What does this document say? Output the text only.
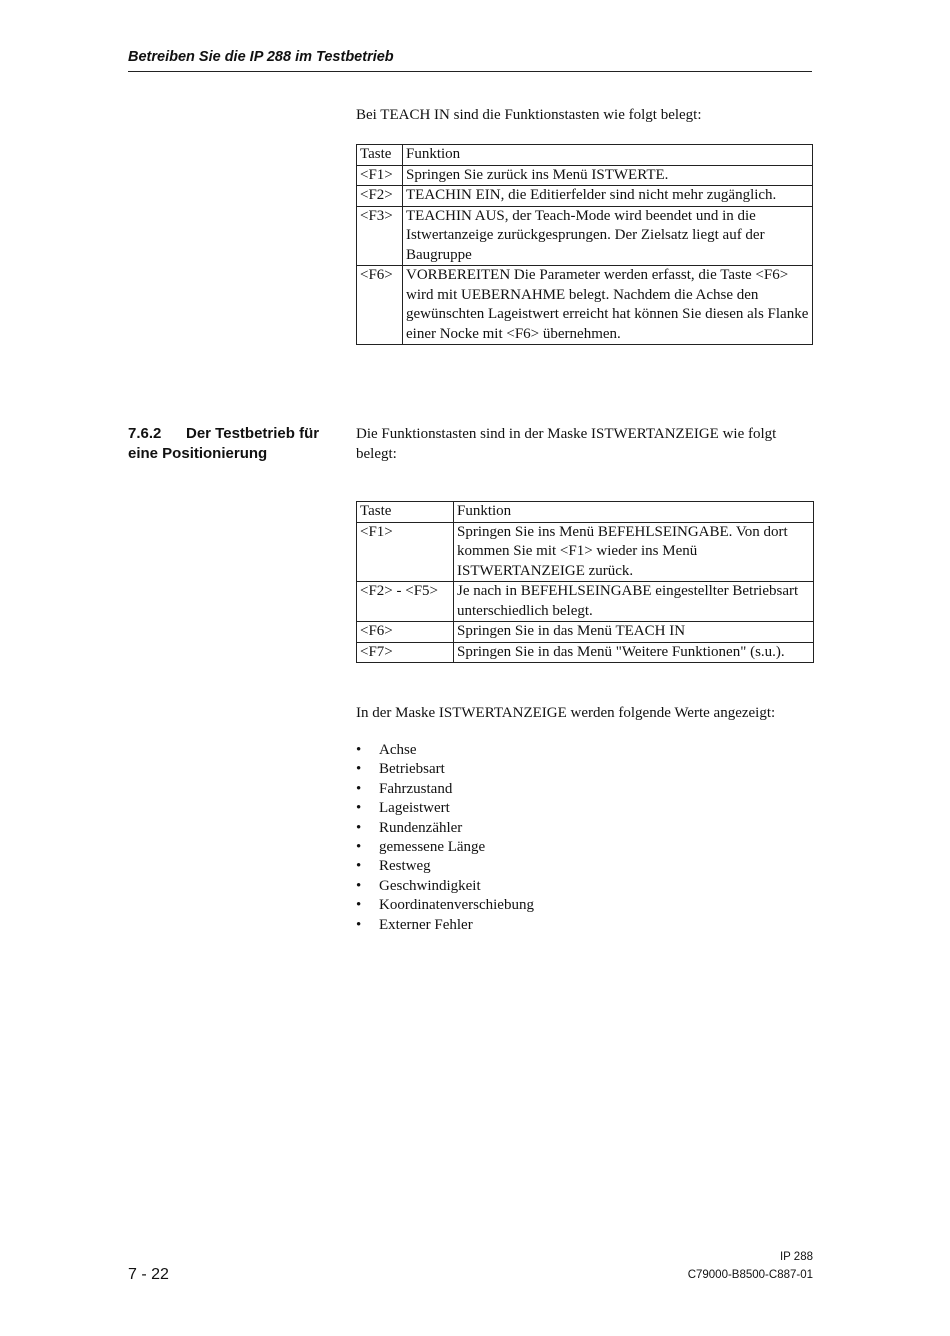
Betreiben Sie die IP 288 im Testbetrieb

Bei TEACH IN sind die Funktionstasten wie folgt belegt:

Taste	Funktion
<F1>	Springen Sie zurück ins Menü ISTWERTE.
<F2>	TEACHIN EIN, die Editierfelder sind nicht mehr zugänglich.
<F3>	TEACHIN AUS, der Teach-Mode wird beendet und in die Istwertanzeige zurückgesprungen. Der Zielsatz liegt auf der Baugruppe
<F6>	VORBEREITEN Die Parameter werden erfasst, die Taste <F6> wird mit UEBERNAHME belegt. Nachdem die Achse den gewünschten Lageistwert erreicht hat können Sie diesen als Flanke einer Nocke mit <F6> übernehmen.
7.6.2 Der Testbetrieb für
eine Positionierung

Die Funktionstasten sind in der Maske ISTWERTANZEIGE wie folgt belegt:

Taste	Funktion
<F1>	Springen Sie ins Menü BEFEHLSEINGABE. Von dort kommen Sie mit <F1> wieder ins Menü ISTWERTANZEIGE zurück.
<F2> - <F5>	Je nach in BEFEHLSEINGABE eingestellter Betriebsart unterschiedlich belegt.
<F6>	Springen Sie in das Menü TEACH IN
<F7>	Springen Sie in das Menü "Weitere Funktionen" (s.u.).

In der Maske ISTWERTANZEIGE werden folgende Werte angezeigt:

• Achse
• Betriebsart
• Fahrzustand
• Lageistwert
• Rundenzähler
• gemessene Länge
• Restweg
• Geschwindigkeit
• Koordinatenverschiebung
• Externer Fehler
7 - 22
IP 288
C79000-B8500-C887-01
